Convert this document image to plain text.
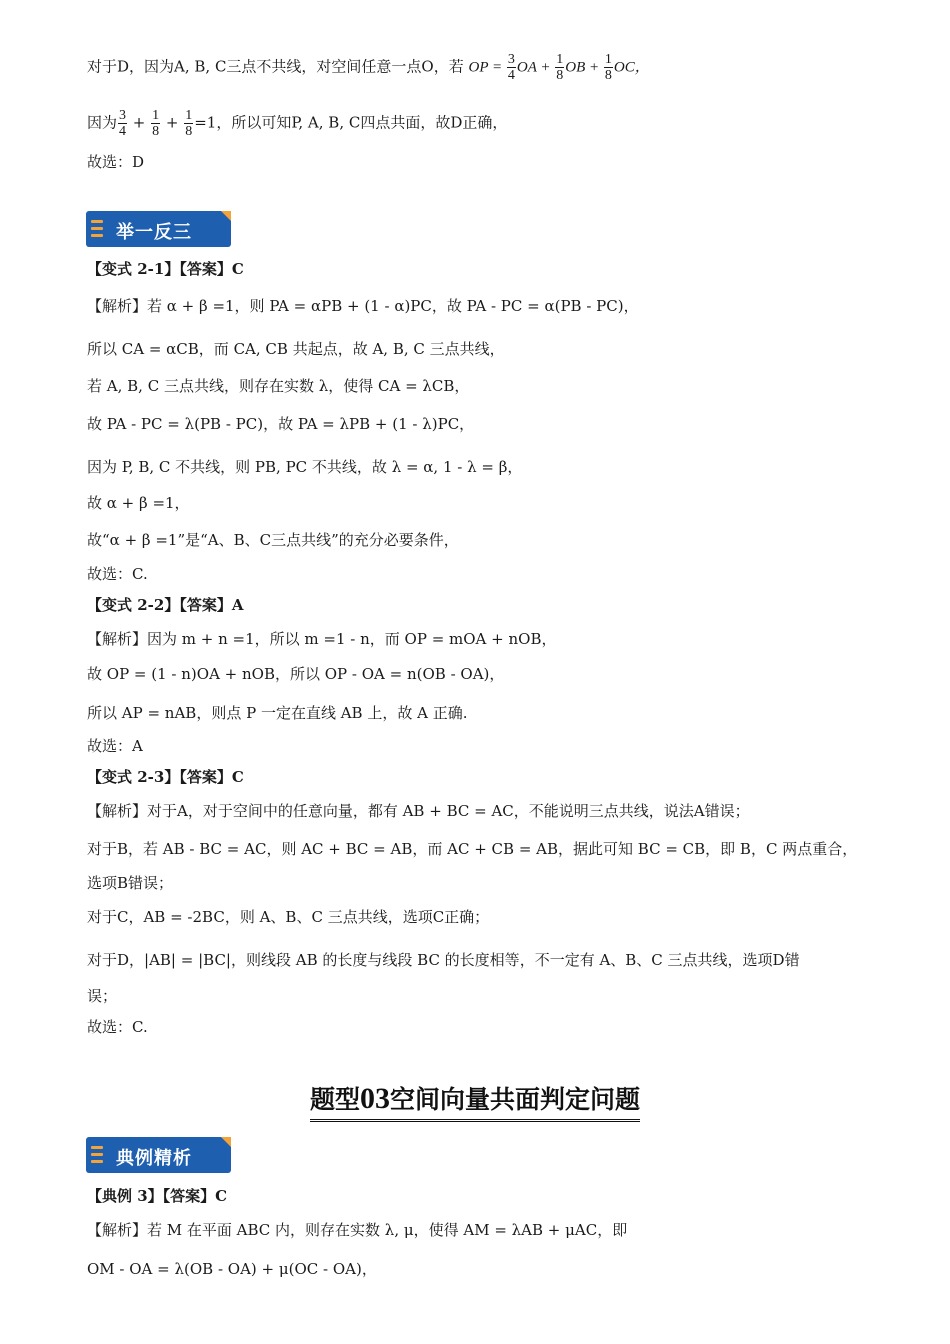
对于D，因为A, B, C三点不共线，对空间任意一点O，若 OP = $\frac{3}{4}$ OA + $\frac{1}{8}$ OB + $\frac{1}{8}$ OC，
因为 $\frac{3}{4} + \frac{1}{8} + \frac{1}{8} =1$，所以可知P, A, B, C四点共面，故D正确，
故选：D
举一反三
【变式 2-1】【答案】C
【解析】若 α + β =1，则 PA = αPB + (1 - α)PC，故 PA - PC = α(PB - PC)，
所以 CA = αCB，而 CA, CB 共起点，故 A, B, C 三点共线，
若 A, B, C 三点共线，则存在实数 λ，使得 CA = λCB，
故 PA - PC = λ(PB - PC)，故 PA = λPB + (1 - λ)PC，
因为 P, B, C 不共线，则 PB, PC 不共线，故 λ = α, 1 - λ = β，
故 α + β =1，
故“α + β =1”是“A、B、C三点共线”的充分必要条件，
故选：C.
【变式 2-2】【答案】A
【解析】因为 m + n =1，所以 m =1 - n，而 OP = mOA + nOB，
故 OP = (1 - n)OA + nOB，所以 OP - OA = n(OB - OA)，
所以 AP = nAB，则点 P 一定在直线 AB 上，故 A 正确.
故选：A
【变式 2-3】【答案】C
【解析】对于A，对于空间中的任意向量，都有 AB + BC = AC，不能说明三点共线，说法A错误；
对于B，若 AB - BC = AC，则 AC + BC = AB，而 AC + CB = AB，据此可知 BC = CB，即 B，C 两点重合，
选项B错误；
对于C，AB = -2BC，则 A、B、C 三点共线，选项C正确；
对于D，|AB| = |BC|，则线段 AB 的长度与线段 BC 的长度相等，不一定有 A、B、C 三点共线，选项D错
误；
故选：C.
题型03空间向量共面判定问题
典例精析
【典例 3】【答案】C
【解析】若 M 在平面 ABC 内，则存在实数 λ, μ，使得 AM = λAB + μAC，即
OM - OA = λ(OB - OA) + μ(OC - OA)，
